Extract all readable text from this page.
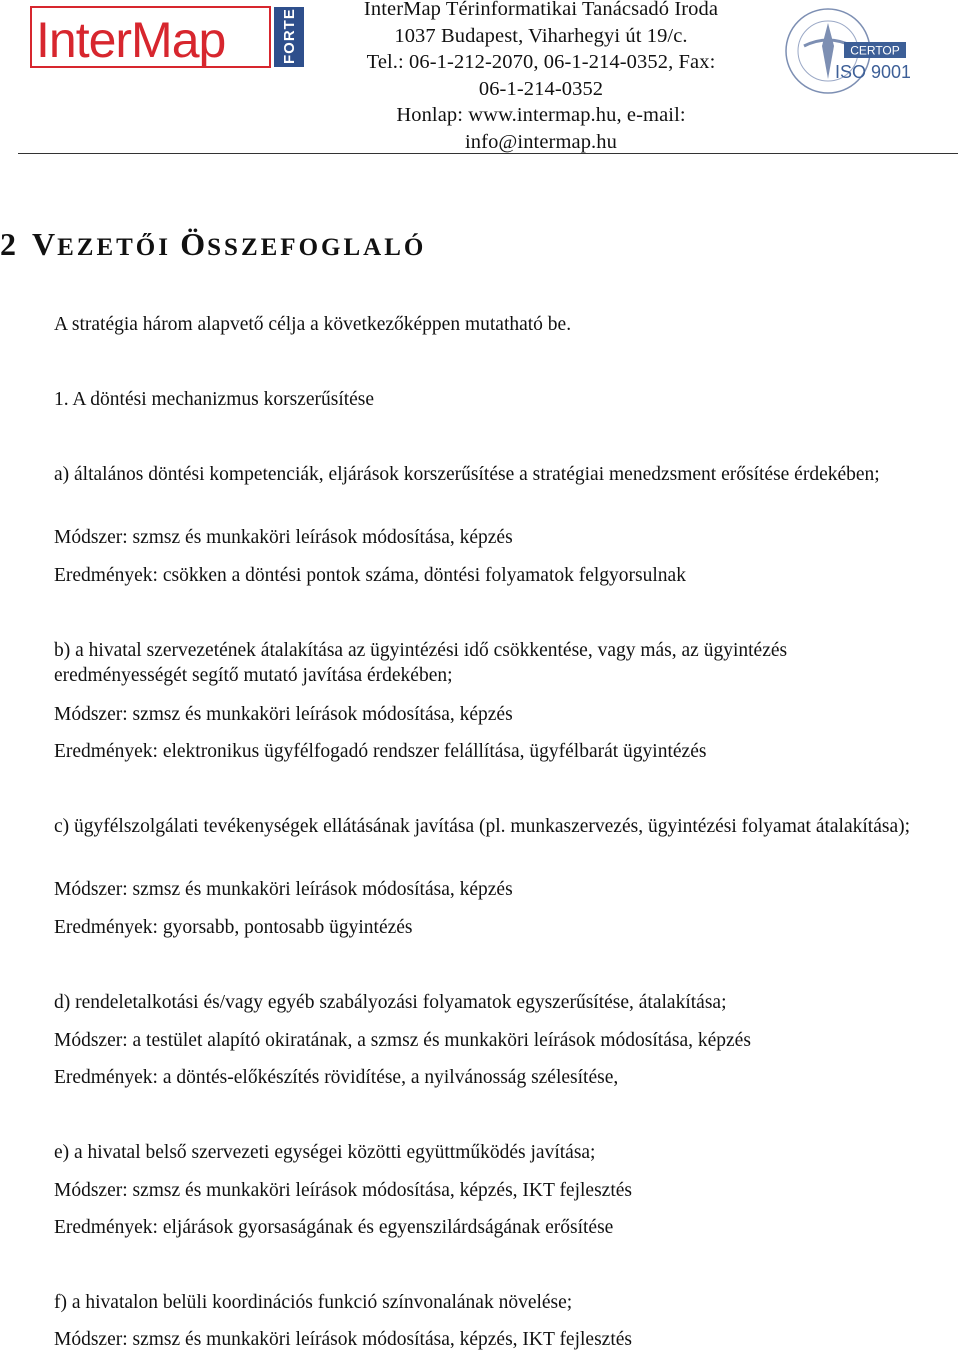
InterMap	FORTE	InterMap Térinformatikai Tanácsadó Iroda
1037 Budapest, Viharhegyi út 19/c.
Tel.: 06-1-212-2070, 06-1-214-0352, Fax:
06-1-214-0352
Honlap: www.intermap.hu, e-mail:
info@intermap.hu
CERTOP
ISO 9001
2 VEZETŐI ÖSSZEFOGLALÓ

A stratégia három alapvető célja a következőképpen mutatható be.

1. A döntési mechanizmus korszerűsítése

a) általános döntési kompetenciák, eljárások korszerűsítése a stratégiai menedzsment erősítése érdekében;

Módszer: szmsz és munkaköri leírások módosítása, képzés

Eredmények: csökken a döntési pontok száma, döntési folyamatok felgyorsulnak

b) a hivatal szervezetének átalakítása az ügyintézési idő csökkentése, vagy más, az ügyintézés eredményességét segítő mutató javítása érdekében;

Módszer: szmsz és munkaköri leírások módosítása, képzés

Eredmények: elektronikus ügyfélfogadó rendszer felállítása, ügyfélbarát ügyintézés

c) ügyfélszolgálati tevékenységek ellátásának javítása (pl. munkaszervezés, ügyintézési folyamat átalakítása);

Módszer: szmsz és munkaköri leírások módosítása, képzés

Eredmények: gyorsabb, pontosabb ügyintézés

d) rendeletalkotási és/vagy egyéb szabályozási folyamatok egyszerűsítése, átalakítása;

Módszer: a testület alapító okiratának, a szmsz és munkaköri leírások módosítása, képzés

Eredmények: a döntés-előkészítés rövidítése, a nyilvánosság szélesítése,

e) a hivatal belső szervezeti egységei közötti együttműködés javítása;

Módszer: szmsz és munkaköri leírások módosítása, képzés, IKT fejlesztés

Eredmények: eljárások gyorsaságának és egyenszilárdságának erősítése

f) a hivatalon belüli koordinációs funkció színvonalának növelése;

Módszer: szmsz és munkaköri leírások módosítása, képzés, IKT fejlesztés
